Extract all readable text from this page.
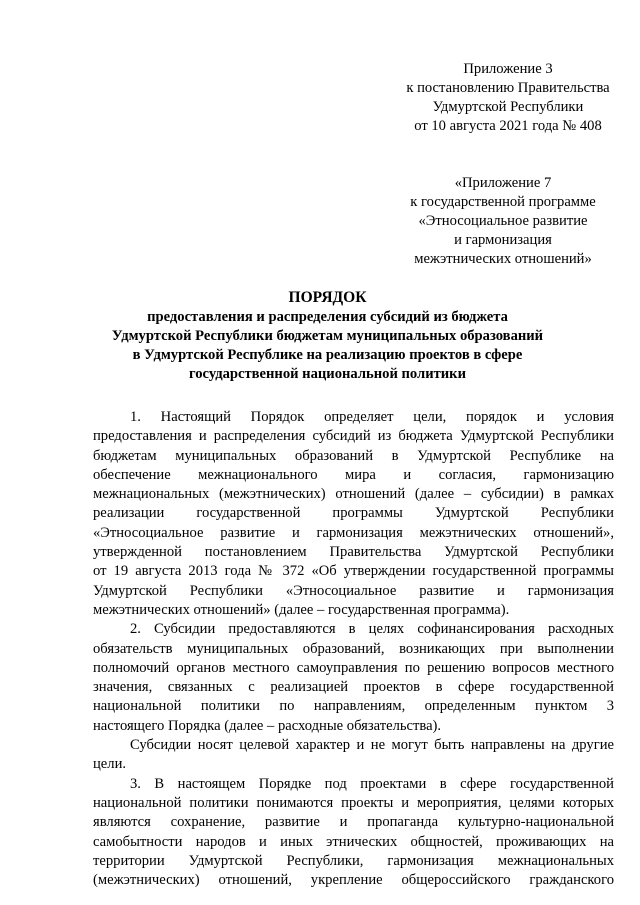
Приложение 3
к постановлению Правительства
Удмуртской Республики
от 10 августа 2021 года № 408
«Приложение 7
к государственной программе
«Этносоциальное развитие
и гармонизация
межэтнических отношений»
ПОРЯДОК
предоставления и распределения субсидий из бюджета
Удмуртской Республики бюджетам муниципальных образований
в Удмуртской Республике на реализацию проектов в сфере
государственной национальной политики
1. Настоящий Порядок определяет цели, порядок и условия
предоставления и распределения субсидий из бюджета Удмуртской Республики
бюджетам муниципальных образований в Удмуртской Республике на
обеспечение межнационального мира и согласия, гармонизацию
межнациональных (межэтнических) отношений (далее – субсидии) в рамках
реализации государственной программы Удмуртской Республики
«Этносоциальное развитие и гармонизация межэтнических отношений»,
утвержденной постановлением Правительства Удмуртской Республики
от 19 августа 2013 года № 372 «Об утверждении государственной программы
Удмуртской Республики «Этносоциальное развитие и гармонизация
межэтнических отношений» (далее – государственная программа).
2. Субсидии предоставляются в целях софинансирования расходных
обязательств муниципальных образований, возникающих при выполнении
полномочий органов местного самоуправления по решению вопросов местного
значения, связанных с реализацией проектов в сфере государственной
национальной политики по направлениям, определенным пунктом 3
настоящего Порядка (далее – расходные обязательства).
Субсидии носят целевой характер и не могут быть направлены на другие
цели.
3. В настоящем Порядке под проектами в сфере государственной
национальной политики понимаются проекты и мероприятия, целями которых
являются сохранение, развитие и пропаганда культурно-национальной
самобытности народов и иных этнических общностей, проживающих на
территории Удмуртской Республики, гармонизация межнациональных
(межэтнических) отношений, укрепление общероссийского гражданского
